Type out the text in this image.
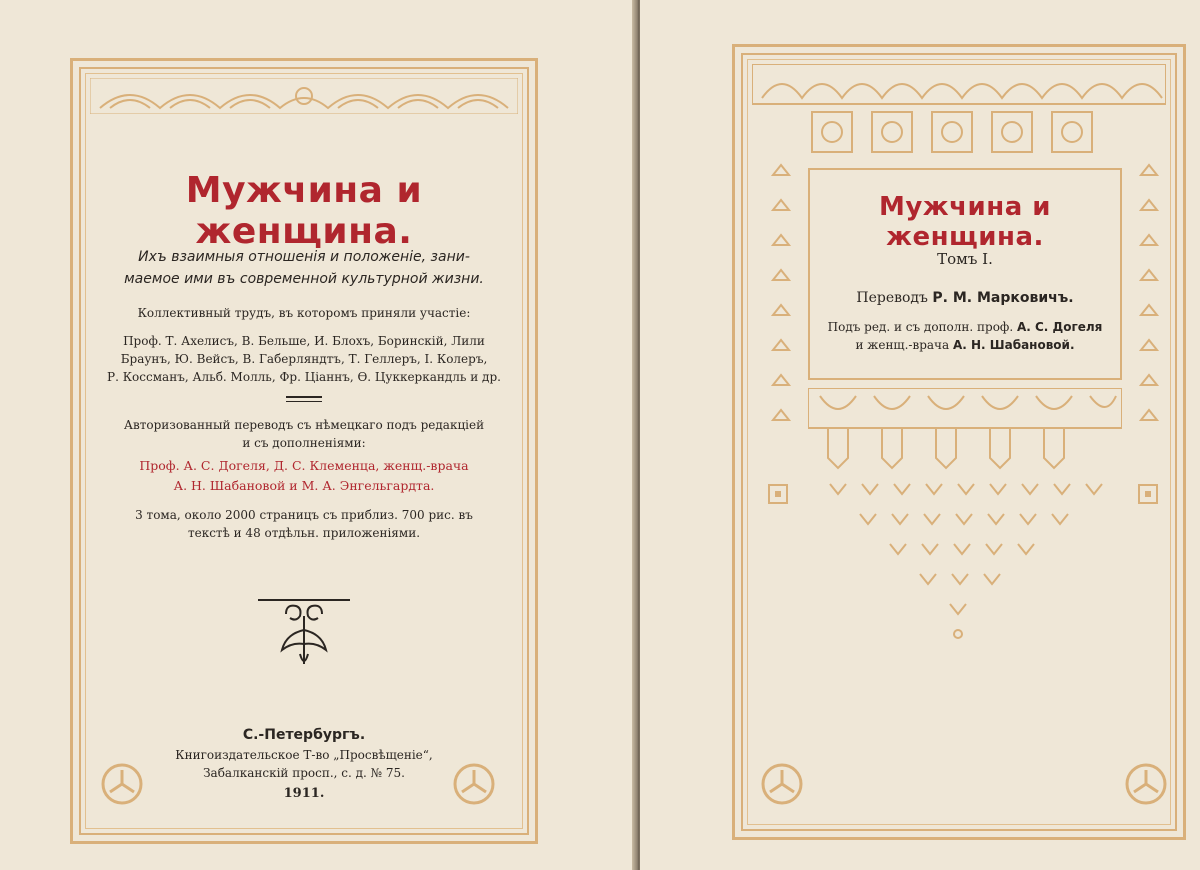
Мужчина и женщина.

Ихъ взаимныя отношенія и положеніе, зани-

маемое ими въ современной культурной жизни.

Коллективный трудъ, въ которомъ приняли участіе:

Проф. Т. Ахелисъ, В. Бельше, И. Блохъ, Боринскій, Лили

Браунъ, Ю. Вейсъ, В. Габерляндтъ, Т. Геллеръ, І. Колеръ,

Р. Коссманъ, Альб. Молль, Фр. Ціаннъ, Ѳ. Цуккеркандль и др.

Авторизованный переводъ съ нѣмецкаго подъ редакціей

и съ дополненіями:

Проф. А. С. Догеля, Д. С. Клеменца, женщ.-врача

А. Н. Шабановой и М. А. Энгельгардта.

3 тома, около 2000 страницъ съ приблиз. 700 рис. въ

текстѣ и 48 отдѣльн. приложеніями.

С.-Петербургъ.

Книгоиздательское Т-во „Просвѣщеніе“,

Забалканскій просп., с. д. № 75.

1911.

Мужчина и женщина.
Томъ I.
Переводъ Р. М. Марковичъ.

Подъ ред. и съ дополн. проф. А. С. Догеля

и женщ.-врача А. Н. Шабановой.
